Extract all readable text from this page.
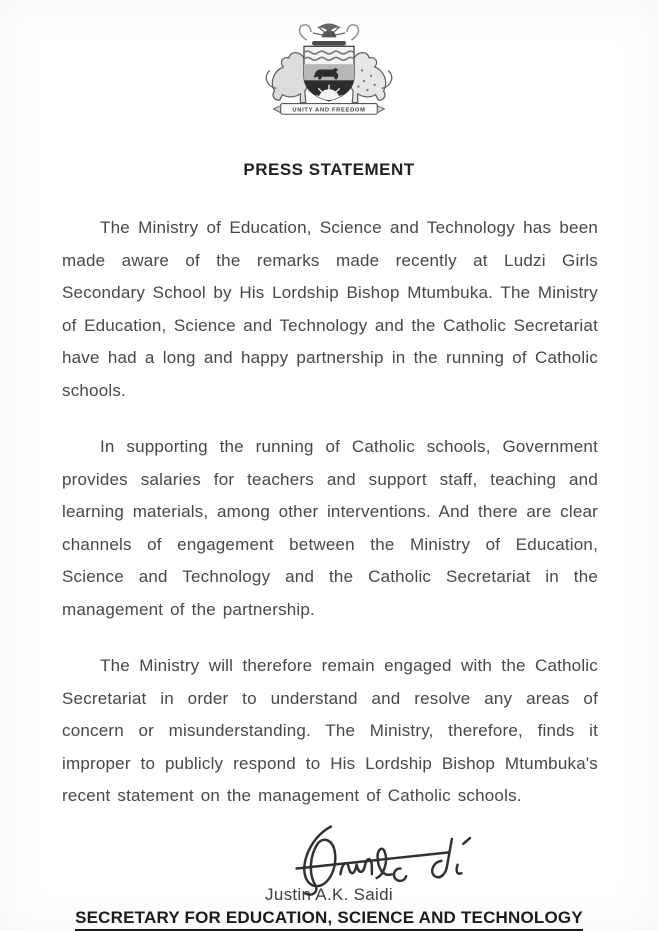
UNITY AND FREEDOM
PRESS STATEMENT

The Ministry of Education, Science and Technology has been made aware of the remarks made recently at Ludzi Girls Secondary School by His Lordship Bishop Mtumbuka. The Ministry of Education, Science and Technology and the Catholic Secretariat have had a long and happy partnership in the running of Catholic schools.

In supporting the running of Catholic schools, Government provides salaries for teachers and support staff, teaching and learning materials, among other interventions. And there are clear channels of engagement between the Ministry of Education, Science and Technology and the Catholic Secretariat in the management of the partnership.

The Ministry will therefore remain engaged with the Catholic Secretariat in order to understand and resolve any areas of concern or misunderstanding. The Ministry, therefore, finds it improper to publicly respond to His Lordship Bishop Mtumbuka's recent statement on the management of Catholic schools.

Justin A.K. Saidi
SECRETARY FOR EDUCATION, SCIENCE AND TECHNOLOGY
